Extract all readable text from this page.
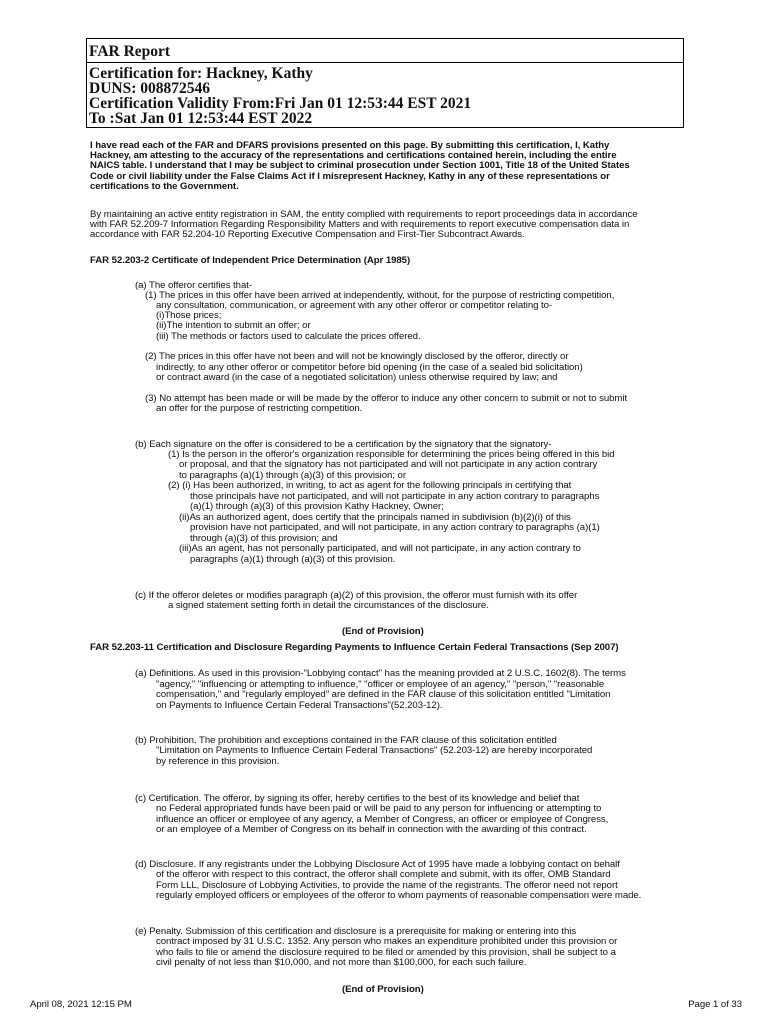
FAR Report
Certification for: Hackney, Kathy
DUNS: 008872546
Certification Validity From:Fri Jan 01 12:53:44 EST 2021
To :Sat Jan 01 12:53:44 EST 2022
I have read each of the FAR and DFARS provisions presented on this page. By submitting this certification, I, Kathy
Hackney, am attesting to the accuracy of the representations and certifications contained herein, including the entire
NAICS table. I understand that I may be subject to criminal prosecution under Section 1001, Title 18 of the United States
Code or civil liability under the False Claims Act if I misrepresent Hackney, Kathy in any of these representations or
certifications to the Government.
By maintaining an active entity registration in SAM, the entity complied with requirements to report proceedings data in accordance
with FAR 52.209-7 Information Regarding Responsibility Matters and with requirements to report executive compensation data in
accordance with FAR 52.204-10 Reporting Executive Compensation and First-Tier Subcontract Awards.
FAR 52.203-2 Certificate of Independent Price Determination (Apr 1985)
(a) The offeror certifies that-
(1) The prices in this offer have been arrived at independently, without, for the purpose of restricting competition,
any consultation, communication, or agreement with any other offeror or competitor relating to-
(i)Those prices;
(ii)The intention to submit an offer; or
(iii) The methods or factors used to calculate the prices offered.
(2) The prices in this offer have not been and will not be knowingly disclosed by the offeror, directly or
indirectly, to any other offeror or competitor before bid opening (in the case of a sealed bid solicitation)
or contract award (in the case of a negotiated solicitation) unless otherwise required by law; and
(3) No attempt has been made or will be made by the offeror to induce any other concern to submit or not to submit
an offer for the purpose of restricting competition.
(b) Each signature on the offer is considered to be a certification by the signatory that the signatory-
(1) Is the person in the offeror's organization responsible for determining the prices being offered in this bid
or proposal, and that the signatory has not participated and will not participate in any action contrary
to paragraphs (a)(1) through (a)(3) of this provision; or
(2) (i) Has been authorized, in writing, to act as agent for the following principals in certifying that
those principals have not participated, and will not participate in any action contrary to paragraphs
(a)(1) through (a)(3) of this provision Kathy Hackney, Owner;
(ii)As an authorized agent, does certify that the principals named in subdivision (b)(2)(i) of this
provision have not participated, and will not participate, in any action contrary to paragraphs (a)(1)
through (a)(3) of this provision; and
(iii)As an agent, has not personally participated, and will not participate, in any action contrary to
paragraphs (a)(1) through (a)(3) of this provision.
(c) If the offeror deletes or modifies paragraph (a)(2) of this provision, the offeror must furnish with its offer
a signed statement setting forth in detail the circumstances of the disclosure.
(End of Provision)
FAR 52.203-11 Certification and Disclosure Regarding Payments to Influence Certain Federal Transactions (Sep 2007)
(a) Definitions. As used in this provision-"Lobbying contact" has the meaning provided at 2 U.S.C. 1602(8). The terms
"agency," "influencing or attempting to influence," "officer or employee of an agency," "person," "reasonable
compensation," and "regularly employed" are defined in the FAR clause of this solicitation entitled "Limitation
on Payments to Influence Certain Federal Transactions"(52.203-12).
(b) Prohibition. The prohibition and exceptions contained in the FAR clause of this solicitation entitled
"Limitation on Payments to Influence Certain Federal Transactions" (52.203-12) are hereby incorporated
by reference in this provision.
(c) Certification. The offeror, by signing its offer, hereby certifies to the best of its knowledge and belief that
no Federal appropriated funds have been paid or will be paid to any person for influencing or attempting to
influence an officer or employee of any agency, a Member of Congress, an officer or employee of Congress,
or an employee of a Member of Congress on its behalf in connection with the awarding of this contract.
(d) Disclosure. If any registrants under the Lobbying Disclosure Act of 1995 have made a lobbying contact on behalf
of the offeror with respect to this contract, the offeror shall complete and submit, with its offer, OMB Standard
Form LLL, Disclosure of Lobbying Activities, to provide the name of the registrants. The offeror need not report
regularly employed officers or employees of the offeror to whom payments of reasonable compensation were made.
(e) Penalty. Submission of this certification and disclosure is a prerequisite for making or entering into this
contract imposed by 31 U.S.C. 1352. Any person who makes an expenditure prohibited under this provision or
who fails to file or amend the disclosure required to be filed or amended by this provision, shall be subject to a
civil penalty of not less than $10,000, and not more than $100,000, for each such failure.
(End of Provision)
April 08, 2021 12:15 PM	Page 1 of 33
